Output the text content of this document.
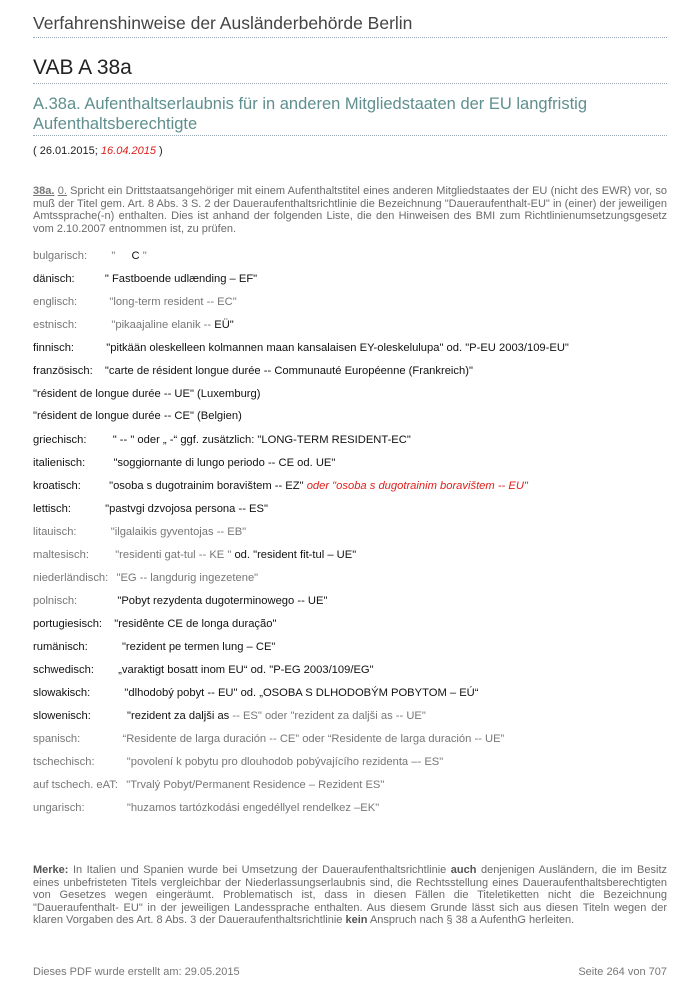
Verfahrenshinweise der Ausländerbehörde Berlin
VAB A 38a
A.38a. Aufenthaltserlaubnis für in anderen Mitgliedstaaten der EU langfristig Aufenthaltsberechtigte
( 26.01.2015; 16.04.2015 )
38a. 0. Spricht ein Drittstaatsangehöriger mit einem Aufenthaltstitel eines anderen Mitgliedstaates der EU (nicht des EWR) vor, so muß der Titel gem. Art. 8 Abs. 3 S. 2 der Daueraufenthaltsrichtlinie die Bezeichnung "Daueraufenthalt-EU" in (einer) der jeweiligen Amtssprache(-n) enthalten. Dies ist anhand der folgenden Liste, die den Hinweisen des BMI zum Richtlinienumsetzungsgesetz vom 2.10.2007 entnommen ist, zu prüfen.
bulgarisch: " С "
dänisch:	" Fastboende udlænding – EF"
englisch:	"long-term resident -- EC"
estnisch:	"pikaajaline elanik -- EÜ"
finnisch:	"pitkään oleskelleen kolmannen maan kansalaisen EY-oleskelulupa" od. "P-EU 2003/109-EU"
französisch: "carte de résident longue durée -- Communauté Européenne (Frankreich)"
"résident de longue durée -- UE" (Luxemburg)
"résident de longue durée -- CE" (Belgien)
griechisch: " -- " oder „ -“ ggf. zusätzlich: "LONG-TERM RESIDENT-EC"
italienisch:	"soggiornante di lungo periodo -- CE od. UE"
kroatisch:	"osoba s dugotrainim boravištem -- EZ" oder "osoba s dugotrainim boravištem -- EU"
lettisch:	"pastvgi dzvojosa persona -- ES"
litauisch:	"ilgalaikis gyventojas -- EB"
maltesisch: "residenti gat-tul -- KE " od. "resident fit-tul – UE"
niederländisch: "EG -- langdurig ingezetene"
polnisch:	"Pobyt rezydenta dugoterminowego -- UE"
portugiesisch: "residênte CE de longa duração"
rumänisch:	"rezident pe termen lung – CE"
schwedisch: „varaktigt bosatt inom EU“ od. "P-EG 2003/109/EG"
slowakisch:	"dlhodobý pobyt -- EU" od. „OSOBA S DLHODOBÝM POBYTOM – EÚ“
slowenisch:	"rezident za daljši as -- ES" oder "rezident za daljši as -- UE"
spanisch:	“Residente de larga duración -- CE” oder “Residente de larga duración -- UE”
tschechisch:	"povolení k pobytu pro dlouhodob pobývajícího rezidenta –- ES"
auf tschech. eAT: "Trvalý Pobyt/Permanent Residence – Rezident ES"
ungarisch:	"huzamos tartózkodási engedéllyel rendelkez –EK"
Merke: In Italien und Spanien wurde bei Umsetzung der Daueraufenthaltsrichtlinie auch denjenigen Ausländern, die im Besitz eines unbefristeten Titels vergleichbar der Niederlassungserlaubnis sind, die Rechtsstellung eines Daueraufenthaltsberechtigten von Gesetzes wegen eingeräumt. Problematisch ist, dass in diesen Fällen die Titeletiketten nicht die Bezeichnung "Daueraufenthalt- EU" in der jeweiligen Landessprache enthalten. Aus diesem Grunde lässt sich aus diesen Titeln wegen der klaren Vorgaben des Art. 8 Abs. 3 der Daueraufenthaltsrichtlinie kein Anspruch nach § 38 a AufenthG herleiten.
Dieses PDF wurde erstellt am: 29.05.2015	Seite 264 von 707
